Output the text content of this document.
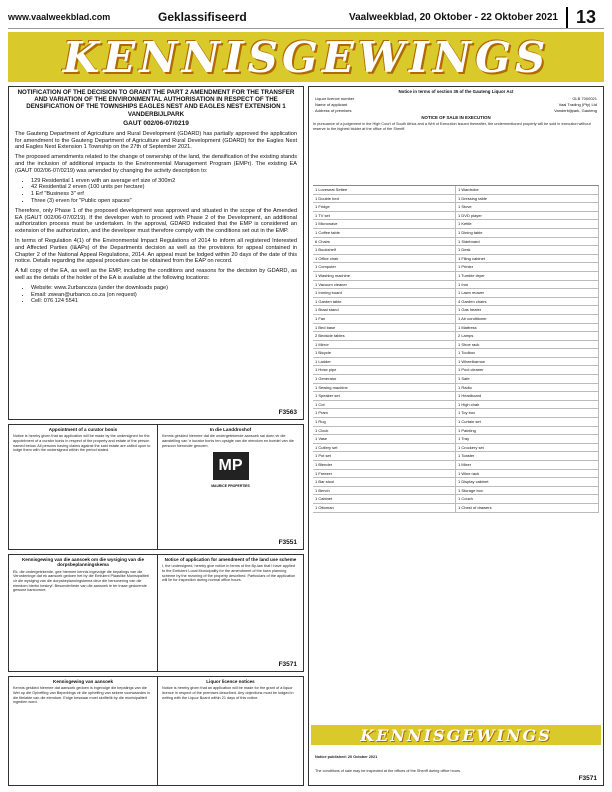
www.vaalweekblad.com	Geklassifiseerd	Vaalweekblad, 20 Oktober - 22 Oktober 2021 13
KENNISGEWINGS
NOTIFICATION OF THE DECISION TO GRANT THE PART 2 AMENDMENT FOR THE TRANSFER AND VARIATION OF THE ENVIRONMENTAL AUTHORISATION IN RESPECT OF THE DENSIFICATION OF THE TOWNSHIPS EAGLES NEST AND EAGLES NEST EXTENSION 1 VANDERBIJLPARK
GAUT 002/06-07/0219
The Gauteng Department of Agriculture and Rural Development (GDARD) has partially approved the application for amendment to the Gauteng Department of Agriculture and Rural Development (GDARD) for the Eagles Nest and Eagles Nest Extension 1 Township on the 27th of September 2021.
The proposed amendments related to the change of ownership of the land, the densification of the existing stands and the inclusion of additional impacts to the Environmental Management Program (EMPr). The existing EA (GAUT 002/06-07/0219) was amended by changing the activity description to:
• 129 Residential 1 erven with an average erf size of 300m2
• 42 Residential 2 erven (100 units per hectare)
• 1 Erf "Business 3" erf
• Three (3) erven for "Public open spaces"
Therefore, only Phase 1 of the proposed development was approved and situated in the scope of the Amended EA (GAUT 002/06-07/0219). If the developer wish to proceed with Phase 2 of the Development, an additional authorization process must be undertaken. In the approval, GDARD indicated that the EMP is considered an extension of the authorization, and the developer must therefore comply with the conditions set out in the EMP.
In terms of Regulation 4(1) of the Environmental Impact Regulations of 2014 to inform all registered Interested and Affected Parties (I&APs) of the Departments decision as well as the provisions for appeal contained in Chapter 2 of the National Appeal Regulations, 2014. An appeal must be lodged within 20 days of the date of this notice. Details regarding the appeal procedure can be obtained from the EAP on record.
A full copy of the EA, as well as the EMP, including the conditions and reasons for the decision by GDARD, as well as the details of the holder of the EA is available at the following locations:
• Website: www.2urbancoza (under the downloads page)
• Email: zwean@urbanco.co.za (on request)
• Cell: 076 124 5541
F3563
Appointment of a curator bonis
Notice is hereby given that an application will be made by the undersigned for the appointment of a curator bonis in respect of the property and estate of the person named below. All persons having claims against the said estate are called upon to lodge them with the undersigned within the period stated.
In die Landdroshof
Kennis geskied hiermee dat die ondergetekende aansoek sal doen vir die aanstelling van 'n kurator bonis ten opsigte van die eiendom en boedel van die persoon hieronder genoem.
MP
MAURICE PROPERTIES
F3551
Kennisgewing van die aansoek om die wysiging van die dorpsbeplanningskema
Ek, die ondergetekende, gee hiermee kennis ingevolge die bepalings van die Verordeninge dat ek aansoek gedoen het by die Emfuleni Plaaslike Munisipaliteit vir die wysiging van die dorpsbeplanningskema deur die hersonering van die eiendom hierbo beskryf. Besonderhede van die aansoek le ter insae gedurende gewone kantoorure.
Notice of application for amendment of the land use scheme
I, the undersigned, hereby give notice in terms of the By-law that I have applied to the Emfuleni Local Municipality for the amendment of the town planning scheme by the rezoning of the property described. Particulars of the application will lie for inspection during normal office hours.
F3571
Kennisgewing van aansoek
Kennis geskied hiermee dat aansoek gedoen is ingevolge die bepalings van die Wet op die Opheffing van Beperkings vir die opheffing van sekere voorwaardes in die titelakte van die eiendom. Enige beswaar moet skriftelik by die munisipaliteit ingedien word.
Liquor licence notices
Notice is hereby given that an application will be made for the grant of a liquor licence in respect of the premises described. Any objections must be lodged in writing with the Liquor Board within 21 days of this notice.
Notice in terms of section 35 of the Gauteng Liquor Act
Liquor licence number	GLB 7000021
Name of applicant	Vaal Trading (Pty) Ltd
Address of premises	Vanderbijlpark, Gauteng
NOTICE OF SALE IN EXECUTION
In pursuance of a judgement in the High Court of South Africa and a Writ of Execution issued thereafter, the undermentioned property will be sold in execution without reserve to the highest bidder at the office of the Sheriff.
1 Loveseat Settee	1 Wardrobe
1 Double bed	1 Dressing table
1 Fridge	1 Stove
1 TV set	1 DVD player
1 Microwave	1 Kettle
1 Coffee table	1 Dining table
6 Chairs	1 Sideboard
1 Bookshelf	1 Desk
1 Office chair	1 Filing cabinet
1 Computer	1 Printer
1 Washing machine	1 Tumble dryer
1 Vacuum cleaner	1 Iron
1 Ironing board	1 Lawn mower
1 Garden table	4 Garden chairs
1 Braai stand	1 Gas heater
1 Fan	1 Air conditioner
1 Bed base	1 Mattress
2 Bedside tables	2 Lamps
1 Mirror	1 Shoe rack
1 Bicycle	1 Toolbox
1 Ladder	1 Wheelbarrow
1 Hose pipe	1 Pool cleaner
1 Generator	1 Safe
1 Sewing machine	1 Radio
1 Speaker set	1 Headboard
1 Cot	1 High chair
1 Pram	1 Toy box
1 Rug	1 Curtain set
1 Clock	1 Painting
1 Vase	1 Tray
1 Cutlery set	1 Crockery set
1 Pot set	1 Toaster
1 Blender	1 Mixer
1 Freezer	1 Wine rack
1 Bar stool	1 Display cabinet
1 Bench	1 Storage box
1 Cabinet	1 Couch
1 Ottoman	1 Chest of drawers
KENNISGEWINGS
Notice published: 20 October 2021
The conditions of sale may be inspected at the offices of the Sheriff during office hours.
F3571
